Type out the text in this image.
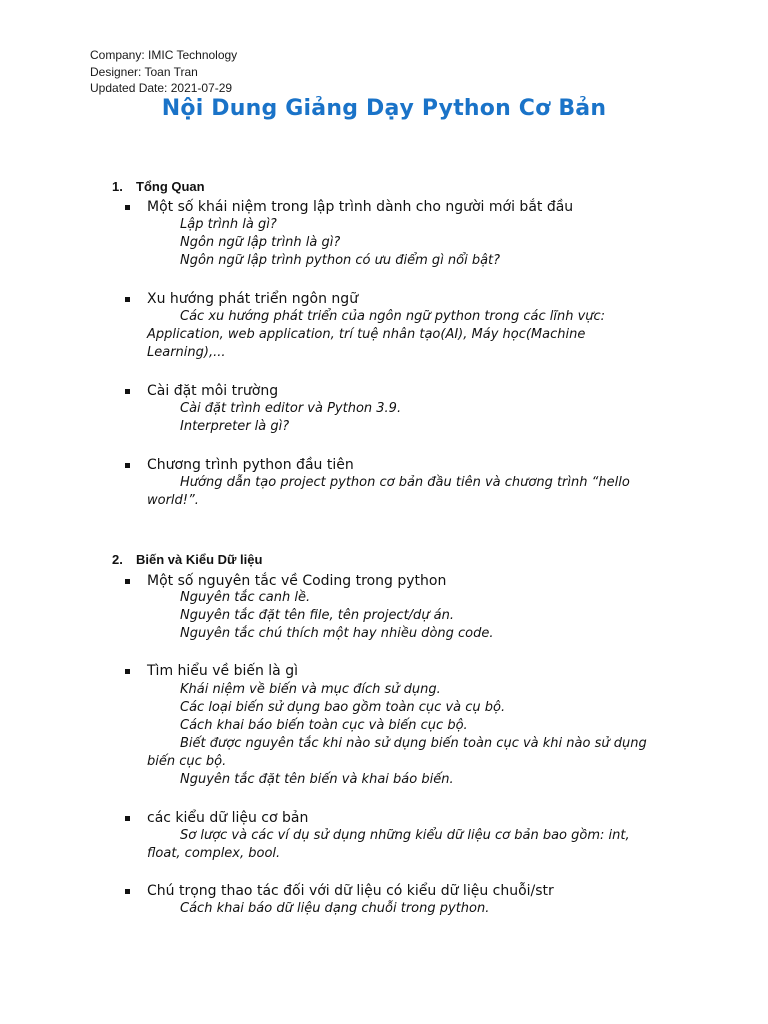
Company: IMIC Technology
Designer: Toan Tran
Updated Date: 2021-07-29
Nội Dung Giảng Dạy Python Cơ Bản
1. Tổng Quan
Một số khái niệm trong lập trình dành cho người mới bắt đầu
Lập trình là gì?
Ngôn ngữ lập trình là gì?
Ngôn ngữ lập trình python có ưu điểm gì nổi bật?
Xu hướng phát triển ngôn ngữ
Các xu hướng phát triển của ngôn ngữ python trong các lĩnh vực: Application, web application, trí tuệ nhân tạo(AI), Máy học(Machine Learning),...
Cài đặt môi trường
Cài đặt trình editor và Python 3.9.
Interpreter là gì?
Chương trình python đầu tiên
Hướng dẫn tạo project python cơ bản đầu tiên và chương trình “hello world!”.
2. Biến và Kiểu Dữ liệu
Một số nguyên tắc về Coding trong python
Nguyên tắc canh lề.
Nguyên tắc đặt tên file, tên project/dự án.
Nguyên tắc chú thích một hay nhiều dòng code.
Tìm hiểu về biến là gì
Khái niệm về biến và mục đích sử dụng.
Các loại biến sử dụng bao gồm toàn cục và cụ bộ.
Cách khai báo biến toàn cục và biến cục bộ.
Biết được nguyên tắc khi nào sử dụng biến toàn cục và khi nào sử dụng biến cục bộ.
Nguyên tắc đặt tên biến và khai báo biến.
các kiểu dữ liệu cơ bản
Sơ lược và các ví dụ sử dụng những kiểu dữ liệu cơ bản bao gồm: int, float, complex, bool.
Chú trọng thao tác đối với dữ liệu có kiểu dữ liệu chuỗi/str
Cách khai báo dữ liệu dạng chuỗi trong python.
